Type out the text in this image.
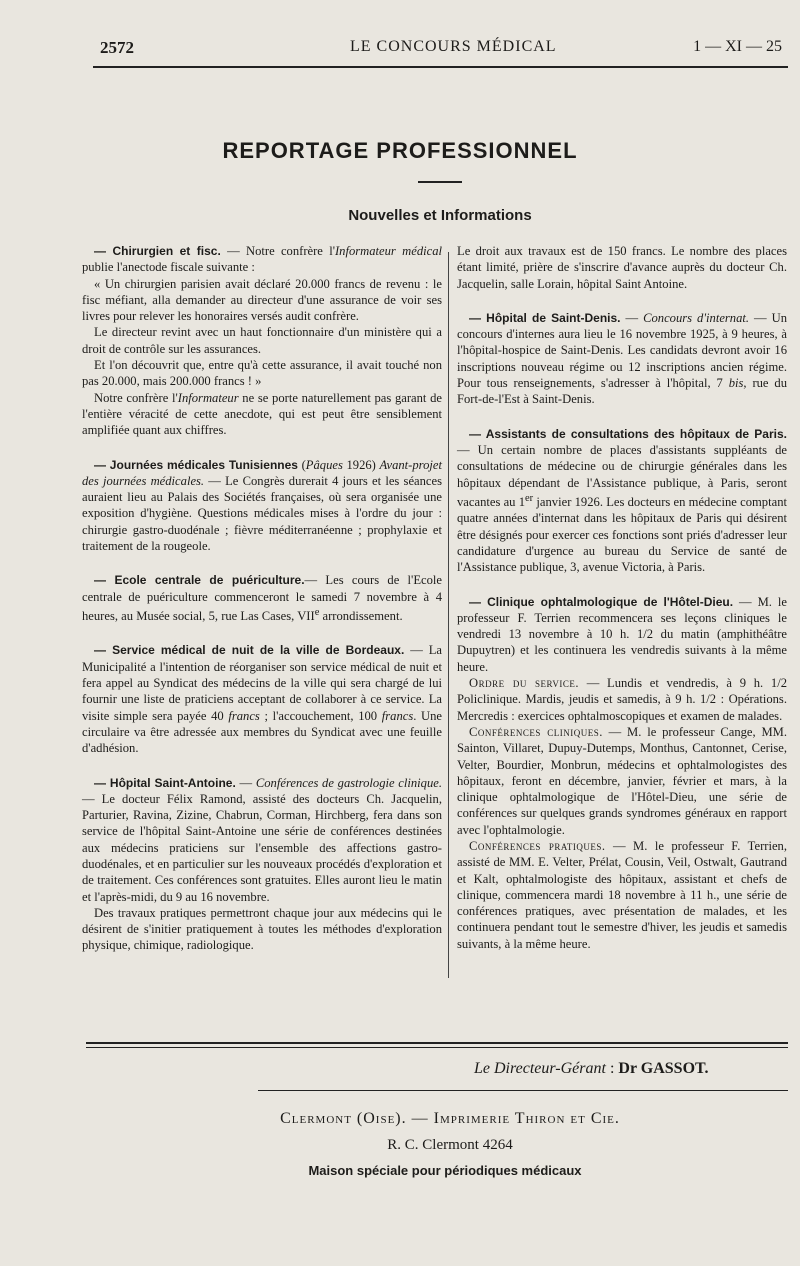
2572	LE CONCOURS MÉDICAL	1 — XI — 25
REPORTAGE PROFESSIONNEL
Nouvelles et Informations

— Chirurgien et fisc. — Notre confrère l'Informateur médical publie l'anectode fiscale suivante :

« Un chirurgien parisien avait déclaré 20.000 francs de revenu : le fisc méfiant, alla demander au directeur d'une assurance de voir ses livres pour relever les honoraires versés audit confrère.

Le directeur revint avec un haut fonctionnaire d'un ministère qui a droit de contrôle sur les assurances.

Et l'on découvrit que, entre qu'à cette assurance, il avait touché non pas 20.000, mais 200.000 francs ! »

Notre confrère l'Informateur ne se porte naturellement pas garant de l'entière véracité de cette anecdote, qui est peut être sensiblement amplifiée quant aux chiffres.

— Journées médicales Tunisiennes (Pâques 1926) Avant-projet des journées médicales. — Le Congrès durerait 4 jours et les séances auraient lieu au Palais des Sociétés françaises, où sera organisée une exposition d'hygiène. Questions médicales mises à l'ordre du jour : chirurgie gastro-duodénale ; fièvre méditerranéenne ; prophylaxie et traitement de la rougeole.

— Ecole centrale de puériculture.— Les cours de l'Ecole centrale de puériculture commenceront le samedi 7 novembre à 4 heures, au Musée social, 5, rue Las Cases, VIIe arrondissement.

— Service médical de nuit de la ville de Bordeaux. — La Municipalité a l'intention de réorganiser son service médical de nuit et fera appel au Syndicat des médecins de la ville qui sera chargé de lui fournir une liste de praticiens acceptant de collaborer à ce service. La visite simple sera payée 40 francs ; l'accouchement, 100 francs. Une circulaire va être adressée aux membres du Syndicat avec une feuille d'adhésion.

— Hôpital Saint-Antoine. — Conférences de gastrologie clinique. — Le docteur Félix Ramond, assisté des docteurs Ch. Jacquelin, Parturier, Ravina, Zizine, Chabrun, Corman, Hirchberg, fera dans son service de l'hôpital Saint-Antoine une série de conférences destinées aux médecins praticiens sur l'ensemble des affections gastro-duodénales, et en particulier sur les nouveaux procédés d'exploration et de traitement. Ces conférences sont gratuites. Elles auront lieu le matin et l'après-midi, du 9 au 16 novembre.

Des travaux pratiques permettront chaque jour aux médecins qui le désirent de s'initier pratiquement à toutes les méthodes d'exploration physique, chimique, radiologique.

Le droit aux travaux est de 150 francs. Le nombre des places étant limité, prière de s'inscrire d'avance auprès du docteur Ch. Jacquelin, salle Lorain, hôpital Saint Antoine.

— Hôpital de Saint-Denis. — Concours d'internat. — Un concours d'internes aura lieu le 16 novembre 1925, à 9 heures, à l'hôpital-hospice de Saint-Denis. Les candidats devront avoir 16 inscriptions nouveau régime ou 12 inscriptions ancien régime. Pour tous renseignements, s'adresser à l'hôpital, 7 bis, rue du Fort-de-l'Est à Saint-Denis.

— Assistants de consultations des hôpitaux de Paris. — Un certain nombre de places d'assistants suppléants de consultations de médecine ou de chirurgie générales dans les hôpitaux dépendant de l'Assistance publique, à Paris, seront vacantes au 1er janvier 1926. Les docteurs en médecine comptant quatre années d'internat dans les hôpitaux de Paris qui désirent être désignés pour exercer ces fonctions sont priés d'adresser leur candidature d'urgence au bureau du Service de santé de l'Assistance publique, 3, avenue Victoria, à Paris.

— Clinique ophtalmologique de l'Hôtel-Dieu. — M. le professeur F. Terrien recommencera ses leçons cliniques le vendredi 13 novembre à 10 h. 1/2 du matin (amphithéâtre Dupuytren) et les continuera les vendredis suivants à la même heure.

Ordre du service. — Lundis et vendredis, à 9 h. 1/2 Policlinique. Mardis, jeudis et samedis, à 9 h. 1/2 : Opérations. Mercredis : exercices ophtalmoscopiques et examen de malades.

Conférences cliniques. — M. le professeur Cange, MM. Sainton, Villaret, Dupuy-Dutemps, Monthus, Cantonnet, Cerise, Velter, Bourdier, Monbrun, médecins et ophtalmologistes des hôpitaux, feront en décembre, janvier, février et mars, à la clinique ophtalmologique de l'Hôtel-Dieu, une série de conférences sur quelques grands syndromes généraux en rapport avec l'ophtalmologie.

Conférences pratiques. — M. le professeur F. Terrien, assisté de MM. E. Velter, Prélat, Cousin, Veil, Ostwalt, Gautrand et Kalt, ophtalmologiste des hôpitaux, assistant et chefs de clinique, commencera mardi 18 novembre à 11 h., une série de conférences pratiques, avec présentation de malades, et les continuera pendant tout le semestre d'hiver, les jeudis et samedis suivants, à la même heure.

Le Directeur-Gérant : Dr GASSOT.
Clermont (Oise). — Imprimerie Thiron et Cie.
R. C. Clermont 4264
Maison spéciale pour périodiques médicaux
